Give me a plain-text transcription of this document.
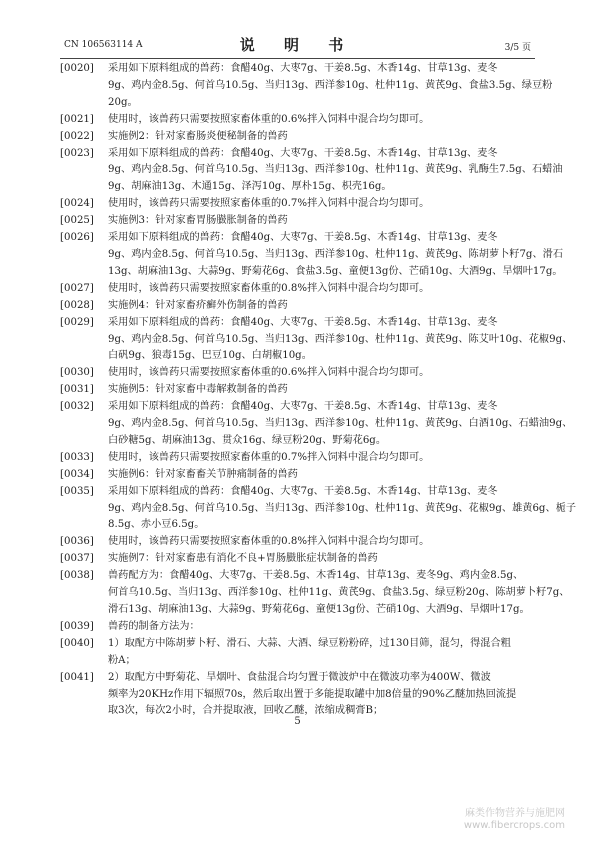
CN 106563114 A	说 明 书	3/5 页
[0020]	采用如下原料组成的兽药：食醋40g、大枣7g、干姜8.5g、木香14g、甘草13g、麦冬
9g、鸡内金8.5g、何首乌10.5g、当归13g、西洋参10g、杜仲11g、黄芪9g、食盐3.5g、绿豆粉
20g。
[0021]	使用时，该兽药只需要按照家畜体重的0.6%拌入饲料中混合均匀即可。
[0022]	实施例2：针对家畜肠炎便秘制备的兽药
[0023]	采用如下原料组成的兽药：食醋40g、大枣7g、干姜8.5g、木香14g、甘草13g、麦冬
9g、鸡内金8.5g、何首乌10.5g、当归13g、西洋参10g、杜仲11g、黄芪9g、乳酶生7.5g、石蜡油
9g、胡麻油13g、木通15g、泽泻10g、厚朴15g、枳壳16g。
[0024]	使用时，该兽药只需要按照家畜体重的0.7%拌入饲料中混合均匀即可。
[0025]	实施例3：针对家畜胃肠臌胀制备的兽药
[0026]	采用如下原料组成的兽药：食醋40g、大枣7g、干姜8.5g、木香14g、甘草13g、麦冬
9g、鸡内金8.5g、何首乌10.5g、当归13g、西洋参10g、杜仲11g、黄芪9g、陈胡萝卜籽7g、滑石
13g、胡麻油13g、大蒜9g、野菊花6g、食盐3.5g、童便13g份、芒硝10g、大酒9g、旱烟叶17g。
[0027]	使用时，该兽药只需要按照家畜体重的0.8%拌入饲料中混合均匀即可。
[0028]	实施例4：针对家畜疥癣外伤制备的兽药
[0029]	采用如下原料组成的兽药：食醋40g、大枣7g、干姜8.5g、木香14g、甘草13g、麦冬
9g、鸡内金8.5g、何首乌10.5g、当归13g、西洋参10g、杜仲11g、黄芪9g、陈艾叶10g、花椒9g、
白矾9g、狼毒15g、巴豆10g、白胡椒10g。
[0030]	使用时，该兽药只需要按照家畜体重的0.6%拌入饲料中混合均匀即可。
[0031]	实施例5：针对家畜中毒解救制备的兽药
[0032]	采用如下原料组成的兽药：食醋40g、大枣7g、干姜8.5g、木香14g、甘草13g、麦冬
9g、鸡内金8.5g、何首乌10.5g、当归13g、西洋参10g、杜仲11g、黄芪9g、白酒10g、石蜡油9g、
白砂糖5g、胡麻油13g、贯众16g、绿豆粉20g、野菊花6g。
[0033]	使用时，该兽药只需要按照家畜体重的0.7%拌入饲料中混合均匀即可。
[0034]	实施例6：针对家畜畜关节肿痛制备的兽药
[0035]	采用如下原料组成的兽药：食醋40g、大枣7g、干姜8.5g、木香14g、甘草13g、麦冬
9g、鸡内金8.5g、何首乌10.5g、当归13g、西洋参10g、杜仲11g、黄芪9g、花椒9g、雄黄6g、栀子
8.5g、赤小豆6.5g。
[0036]	使用时，该兽药只需要按照家畜体重的0.8%拌入饲料中混合均匀即可。
[0037]	实施例7：针对家畜患有消化不良+胃肠臌胀症状制备的兽药
[0038]	兽药配方为：食醋40g、大枣7g、干姜8.5g、木香14g、甘草13g、麦冬9g、鸡内金8.5g、
何首乌10.5g、当归13g、西洋参10g、杜仲11g、黄芪9g、食盐3.5g、绿豆粉20g、陈胡萝卜籽7g、
滑石13g、胡麻油13g、大蒜9g、野菊花6g、童便13g份、芒硝10g、大酒9g、旱烟叶17g。
[0039]	兽药的制备方法为：
[0040]	1）取配方中陈胡萝卜籽、滑石、大蒜、大酒、绿豆粉粉碎，过130目筛，混匀，得混合粗
粉A；
[0041]	2）取配方中野菊花、旱烟叶、食盐混合均匀置于微波炉中在微波功率为400W、微波
频率为20KHz作用下辐照70s，然后取出置于多能提取罐中加8倍量的90%乙醚加热回流提
取3次，每次2小时，合并提取液，回收乙醚，浓缩成稠膏B；
5
麻类作物营养与施肥网
www.fibercrops.com
